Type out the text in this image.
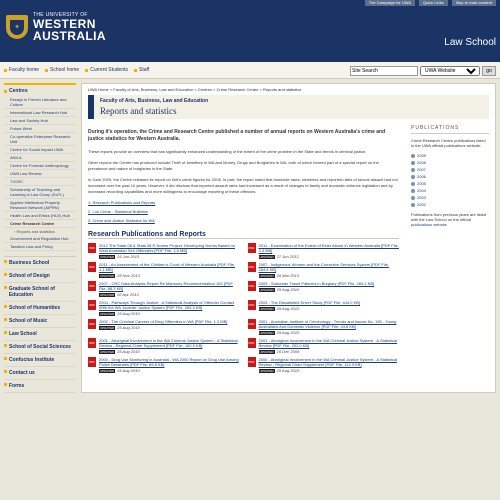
The Campaign for UWA	Quick Links	Skip to main content
✦
THE UNIVERSITY OF
WESTERN
AUSTRALIA	Law School
Faculty home School home Current Students Staff
Site Search
UWA Website	go
Centres
Essays in French Literature and Culture
International Law Research Hub
Law and Society Hub
Future West
Co-operative Enterprise Research Unit
Centre for Social Impact UWA
ANILA
Centre for Forensic Anthropology
UWA Law Review
TJCRC
Scholarship of Teaching and Learning in Law Group (SoTL)
Applied Intellectual Property Research Network (AIPRN)
Health Law and Ethics (HLE) Hub
Crime Research Centre
› Reports and statistics
Government and Regulation Hub
Taxation Law and Policy
Business School
School of Design
Graduate School of Education
School of Humanities
School of Music
Law School
School of Social Sciences
Confucius Institute
Contact us
Forms
UWA Home > Faculty of Arts, Business, Law and Education > Centres > Crime Research Centre > Reports and statistics
Faculty of Arts, Business, Law and Education
Reports and statistics
During it's operation, the Crime and Research Centre published a number of annual reports on Western Australia's crime and justice statistics for Western Australia.
These reports provide an overview that has significantly enhanced understanding of the extent of the crime problem in the State and trends in criminal justice.
Other reports the Centre has produced include Theft of Jewellery in WA and Money, Drugs and Burglaries in WA, both of which formed part of a special report on the prevalence and nature of burglaries in the State.
In June 2009, the Centre released its report on WA's crime figures for 2008. In part, the report noted that homicide rates, robberies and reported rates of sexual assault had not increased over the past 10 years. However, it did disclose that reported assault rates had increased as a result of changes to family and domestic violence legislation and by increased recording capabilities and more willingness to encourage reporting of these offences.
1. Research Publications and Reports
2. I on Crime - Statistical Bulletins
3. Crime and Justice Statistics for WA
Research Publications and Reports
PDF 2012 The State 08 & Stats 08 R Norms Project: Developing Norms Based on West Australian Sex Offenders [PDF File, 1.5 MB]
UPDATED 25 Jun 2013
PDF 2011 - Examination of the Extent of Elder Abuse in Western Australia [PDF File, 3.3 MB]
UPDATED 27 Jun 2012
PDF 2011 - An Assessment of the Children's Court of Western Australia [PDF File, 1.1 MB]
UPDATED 28 Nov 2013
PDF 2007 - Indigenous Women and the Corrective Services System [PDF File, 284.4 KB]
UPDATED 26 Mar 2013
PDF 2007 - CRC Data Analysis Report Re Mahoney Recommendation 109 [PDF File, 88.3 KB]
UPDATED 02 Apr 2013
PDF 2009 - Suburban Travel Patterns in Burglary [PDF File, 284.2 KB]
UPDATED 25 Aug 2010
PDF 2004 - Pathways Through Justice - A Statistical Analysis of Offender Contact With the WA Juvenile Justice System [PDF File, 263.3 KB]
UPDATED 25 Aug 2010
PDF 2003 - The Dissatisfied Driver Study [PDF File, 444.0 KB]
UPDATED 25 Aug 2010
PDF 2002 - The Criminal Careers of Drug Offenders in WA [PDF File, 1.2 MB]
UPDATED 25 Aug 2010
PDF 2001 - Australian Institute of Criminology - Trends and Issues No. 195 - Young Australians And Domestic Violence [PDF File, 44.8 KB]
UPDATED 25 Aug 2010
PDF 2001 - Aboriginal Involvement in the WA Criminal Justice System - A Statistical Review - Regional Chart Supplement [PDF File, 160.9 KB]
UPDATED 25 Aug 2010
PDF 2001 - Aboriginal Involvement in the WA Criminal Justice System - A Statistical Review [PDF File, 202.0 KB]
UPDATED 16 Dec 2009
PDF 2000 - Drug Use Monitoring in Australia - WA 2000 Report on Drug Use Among Police Detainees [PDF File, 89.8 KB]
UPDATED 25 Aug 2010
PDF 2000 - Aboriginal Involvement in the WA Criminal Justice System - A Statistical Review - Regional Chart Supplement [PDF File, 112.0 KB]
UPDATED 25 Aug 2010
PUBLICATIONS
Crime Research Centre publications listed in the UWA official publications website:
2009
2008
2007
2006
2005
2004
2003
2002
Publications from previous years are listed with the Law School on the official publications website
